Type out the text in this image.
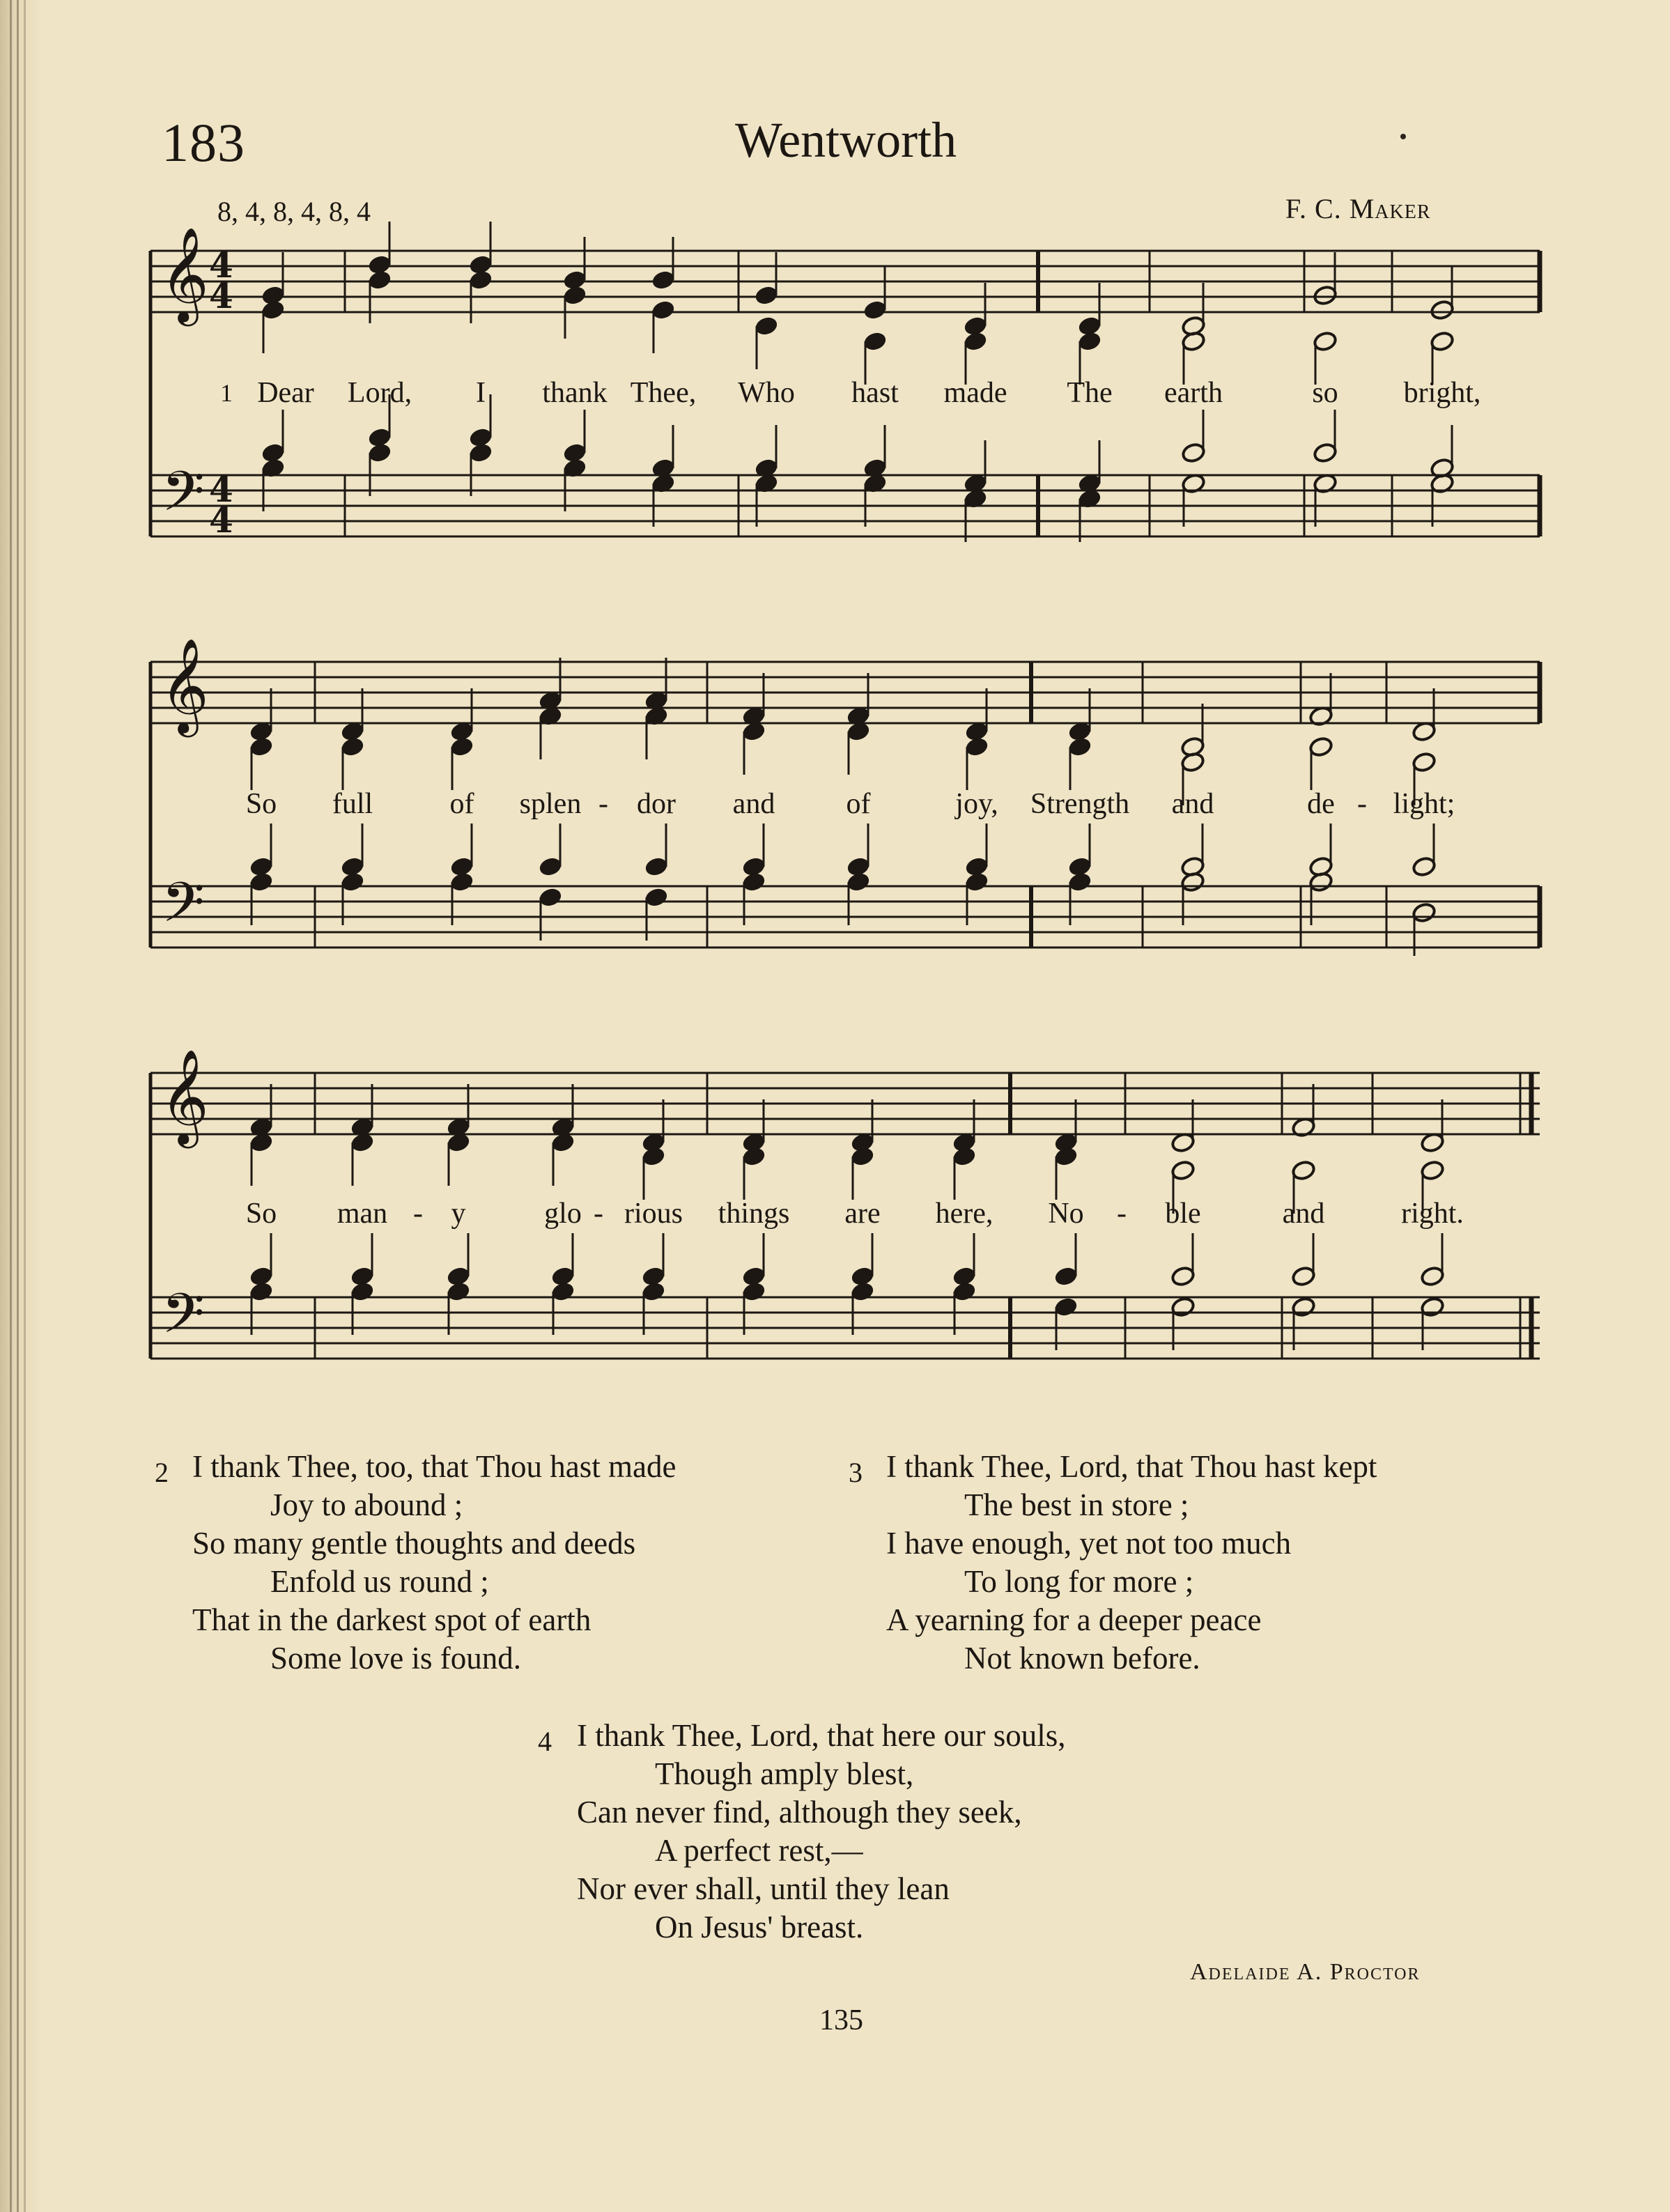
183	Wentworth
8, 4, 8, 4, 8, 4	F. C. Maker
𝄞
𝄢
4
4
4
4
𝄞
𝄢
𝄞
𝄢
1 Dear Lord, I thank Thee, Who hast made The earth	so bright,
So full	of splen - dor and of	joy, Strength and	de - light;
So man - y	glo - rious things are here, No - ble	and	right.
2 I thank Thee, too, that Thou hast made
Joy to abound ;
So many gentle thoughts and deeds
Enfold us round ;
That in the darkest spot of earth
Some love is found.
3 I thank Thee, Lord, that Thou hast kept
The best in store ;
I have enough, yet not too much
To long for more ;
A yearning for a deeper peace
Not known before.
4 I thank Thee, Lord, that here our souls,
Though amply blest,
Can never find, although they seek,
A perfect rest,—
Nor ever shall, until they lean
On Jesus' breast.
Adelaide A. Proctor
135
